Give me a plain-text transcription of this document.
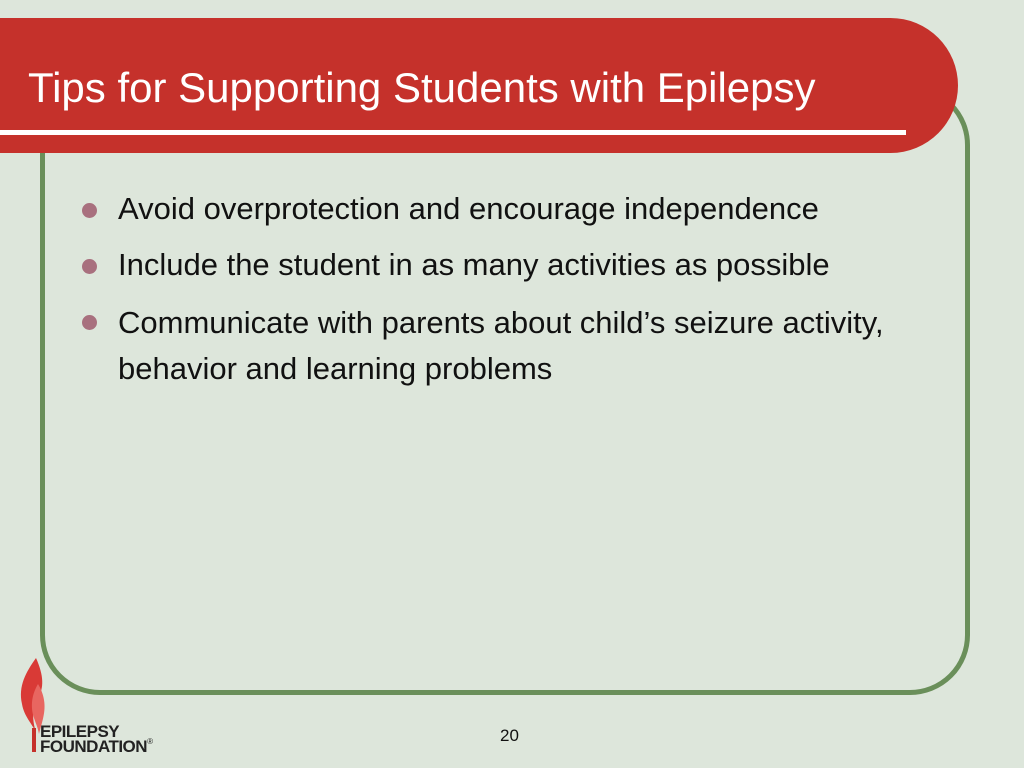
Tips for Supporting Students with Epilepsy
Avoid overprotection and encourage independence
Include the student in as many activities as possible
Communicate with parents about child’s seizure activity, behavior and learning problems
EPILEPSY
FOUNDATION®	20
